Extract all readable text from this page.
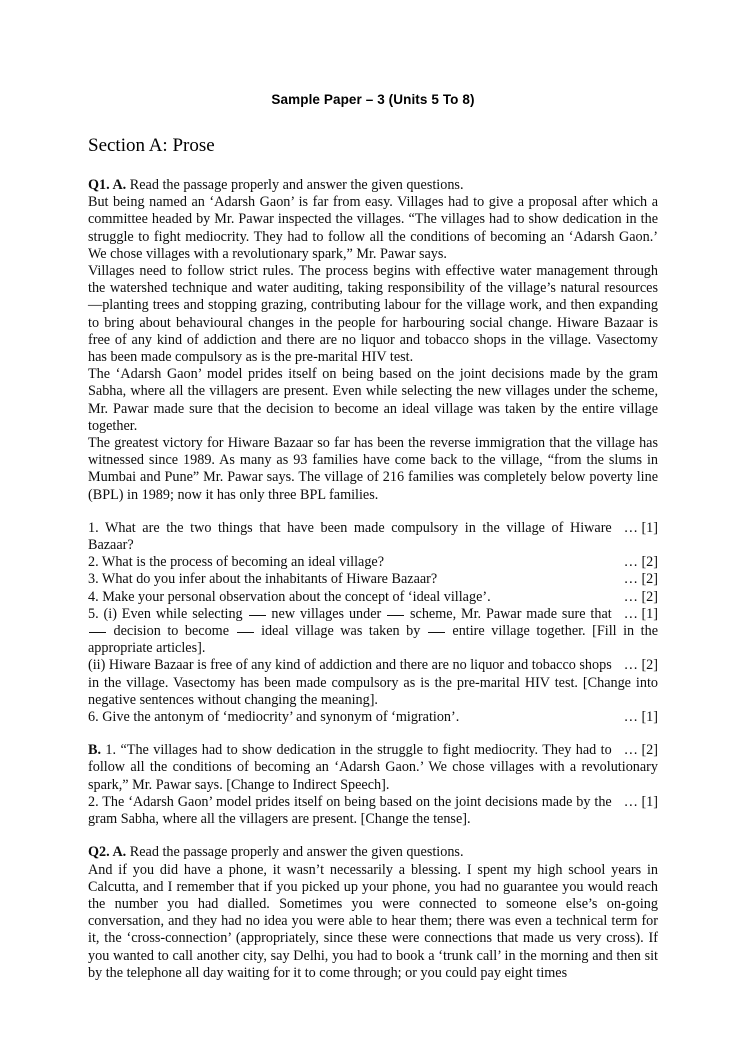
Sample Paper – 3 (Units 5 To 8)
Section A: Prose

Q1. A. Read the passage properly and answer the given questions.

But being named an ‘Adarsh Gaon’ is far from easy. Villages had to give a proposal after which a committee headed by Mr. Pawar inspected the villages. “The villages had to show dedication in the struggle to fight mediocrity. They had to follow all the conditions of becoming an ‘Adarsh Gaon.’ We chose villages with a revolutionary spark,” Mr. Pawar says.

Villages need to follow strict rules. The process begins with effective water management through the watershed technique and water auditing, taking responsibility of the village’s natural resources—planting trees and stopping grazing, contributing labour for the village work, and then expanding to bring about behavioural changes in the people for harbouring social change. Hiware Bazaar is free of any kind of addiction and there are no liquor and tobacco shops in the village. Vasectomy has been made compulsory as is the pre-marital HIV test.

The ‘Adarsh Gaon’ model prides itself on being based on the joint decisions made by the gram Sabha, where all the villagers are present. Even while selecting the new villages under the scheme, Mr. Pawar made sure that the decision to become an ideal village was taken by the entire village together.

The greatest victory for Hiware Bazaar so far has been the reverse immigration that the village has witnessed since 1989. As many as 93 families have come back to the village, “from the slums in Mumbai and Pune” Mr. Pawar says. The village of 216 families was completely below poverty line (BPL) in 1989; now it has only three BPL families.

… [1]
1. What are the two things that have been made compulsory in the village of Hiware Bazaar?
… [2]
2. What is the process of becoming an ideal village?
… [2]
3. What do you infer about the inhabitants of Hiware Bazaar?
… [2]
4. Make your personal observation about the concept of ‘ideal village’.
… [1]
5. (i) Even while selecting  new villages under  scheme, Mr. Pawar made sure that  decision to become  ideal village was taken by  entire village together. [Fill in the appropriate articles].
… [2]
(ii) Hiware Bazaar is free of any kind of addiction and there are no liquor and tobacco shops in the village. Vasectomy has been made compulsory as is the pre-marital HIV test. [Change into negative sentences without changing the meaning].
… [1]
6. Give the antonym of ‘mediocrity’ and synonym of ‘migration’.
… [2]
B. 1. “The villages had to show dedication in the struggle to fight mediocrity. They had to follow all the conditions of becoming an ‘Adarsh Gaon.’ We chose villages with a revolutionary spark,” Mr. Pawar says. [Change to Indirect Speech].
… [1]
2. The ‘Adarsh Gaon’ model prides itself on being based on the joint decisions made by the gram Sabha, where all the villagers are present. [Change the tense].

Q2. A. Read the passage properly and answer the given questions.

And if you did have a phone, it wasn’t necessarily a blessing. I spent my high school years in Calcutta, and I remember that if you picked up your phone, you had no guarantee you would reach the number you had dialled. Sometimes you were connected to someone else’s on-going conversation, and they had no idea you were able to hear them; there was even a technical term for it, the ‘cross-connection’ (appropriately, since these were connections that made us very cross). If you wanted to call another city, say Delhi, you had to book a ‘trunk call’ in the morning and then sit by the telephone all day waiting for it to come through; or you could pay eight times
